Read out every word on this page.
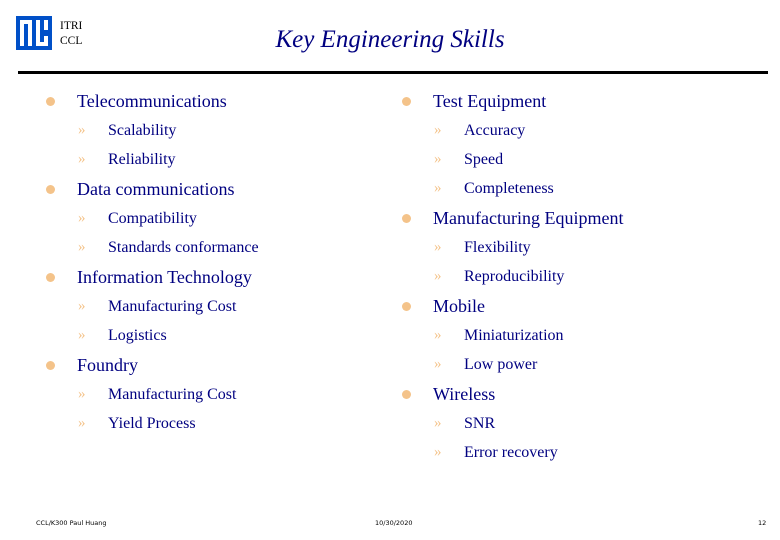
ITRI
CCL	Key Engineering Skills
Telecommunications
» Scalability
» Reliability
Data communications
» Compatibility
» Standards conformance
Information Technology
» Manufacturing Cost
» Logistics
Foundry
» Manufacturing Cost
» Yield Process
Test Equipment
» Accuracy
» Speed
» Completeness
Manufacturing Equipment
» Flexibility
» Reproducibility
Mobile
» Miniaturization
» Low power
Wireless
» SNR
» Error recovery
CCL/K300 Paul Huang	10/30/2020	12
